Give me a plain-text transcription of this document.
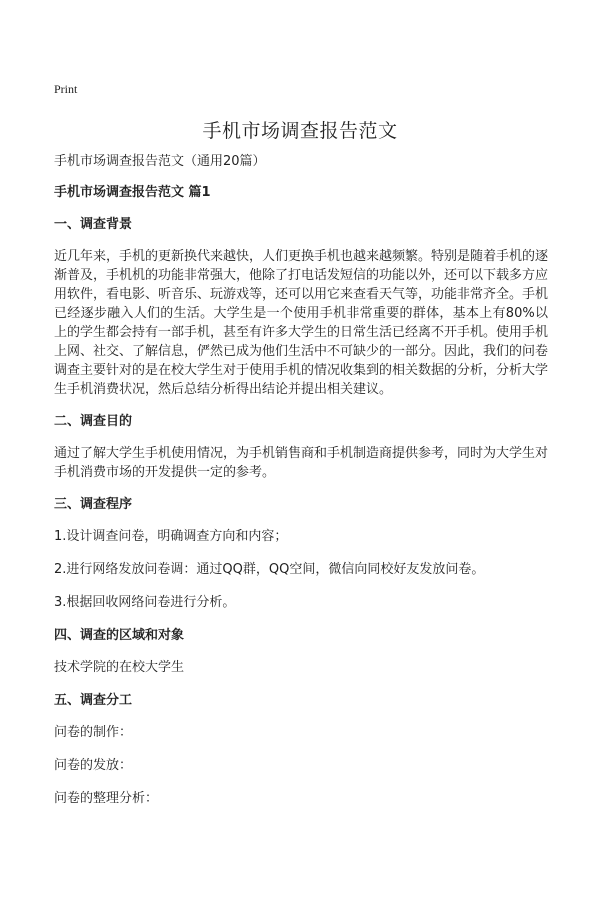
Print
手机市场调查报告范文

手机市场调查报告范文（通用20篇）

手机市场调查报告范文 篇1

一、调查背景

近几年来，手机的更新换代来越快，人们更换手机也越来越频繁。特别是随着手机的逐渐普及，手机机的功能非常强大，他除了打电话发短信的功能以外，还可以下载多方应用软件，看电影、听音乐、玩游戏等，还可以用它来查看天气等，功能非常齐全。手机已经逐步融入人们的生活。大学生是一个使用手机非常重要的群体，基本上有80%以上的学生都会持有一部手机，甚至有许多大学生的日常生活已经离不开手机。使用手机上网、社交、了解信息，俨然已成为他们生活中不可缺少的一部分。因此，我们的问卷调查主要针对的是在校大学生对于使用手机的情况收集到的相关数据的分析，分析大学生手机消费状况，然后总结分析得出结论并提出相关建议。

二、调查目的

通过了解大学生手机使用情况，为手机销售商和手机制造商提供参考，同时为大学生对手机消费市场的开发提供一定的参考。

三、调查程序

1.设计调查问卷，明确调查方向和内容；

2.进行网络发放问卷调：通过QQ群，QQ空间，微信向同校好友发放问卷。

3.根据回收网络问卷进行分析。

四、调查的区域和对象

技术学院的在校大学生

五、调查分工

问卷的制作：

问卷的发放：

问卷的整理分析：
